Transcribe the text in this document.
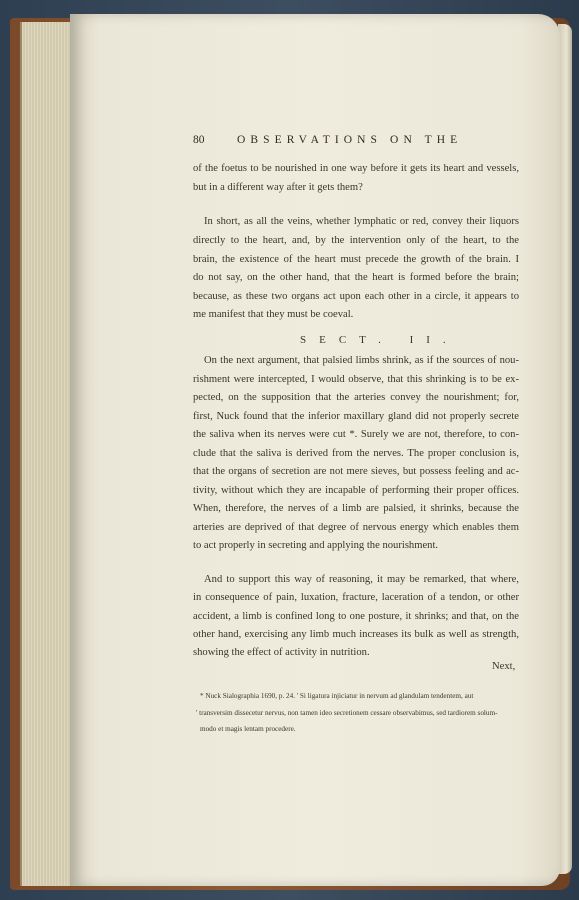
80	OBSERVATIONS ON THE
of the foetus to be nourished in one way before it gets its heart and vessels,
but in a different way after it gets them?
In short, as all the veins, whether lymphatic or red, convey their liquors
directly to the heart, and, by the intervention only of the heart, to the
brain, the existence of the heart must precede the growth of the brain. I
do not say, on the other hand, that the heart is formed before the brain;
because, as these two organs act upon each other in a circle, it appears to
me manifest that they must be coeval.
On the next argument, that palsied limbs shrink, as if the sources of nou-
rishment were intercepted, I would observe, that this shrinking is to be ex-
pected, on the supposition that the arteries convey the nourishment; for,
first, Nuck found that the inferior maxillary gland did not properly secrete
the saliva when its nerves were cut *. Surely we are not, therefore, to con-
clude that the saliva is derived from the nerves. The proper conclusion is,
that the organs of secretion are not mere sieves, but possess feeling and ac-
tivity, without which they are incapable of performing their proper offices.
When, therefore, the nerves of a limb are palsied, it shrinks, because the
arteries are deprived of that degree of nervous energy which enables them
to act properly in secreting and applying the nourishment.
And to support this way of reasoning, it may be remarked, that where,
in consequence of pain, luxation, fracture, laceration of a tendon, or other
accident, a limb is confined long to one posture, it shrinks; and that, on the
other hand, exercising any limb much increases its bulk as well as strength,
showing the effect of activity in nutrition.
SECT. II.
Next,
* Nuck Sialographia 1690, p. 24. ' Si ligatura injiciatur in nervum ad glandulam tendentem, aut
' transversim dissecetur nervus, non tamen ideo secretionem cessare observabimus, sed tardiorem solum-
modo et magis lentam procedere.
